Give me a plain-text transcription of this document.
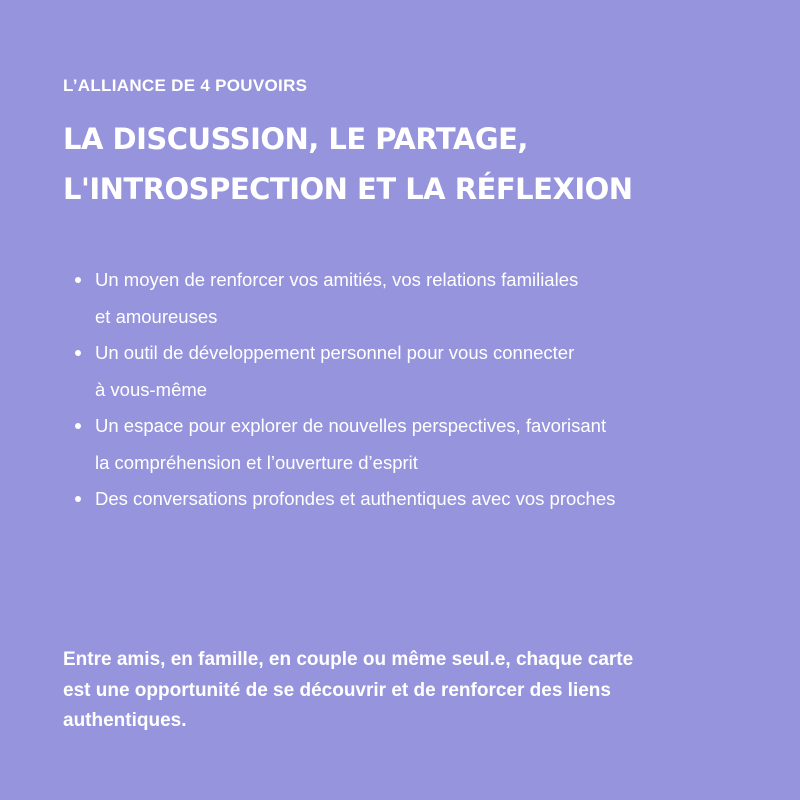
L’ALLIANCE DE 4 POUVOIRS
LA DISCUSSION, LE PARTAGE,
L'INTROSPECTION ET LA RÉFLEXION
Un moyen de renforcer vos amitiés, vos relations familiales
et amoureuses
Un outil de développement personnel pour vous connecter
à vous-même
Un espace pour explorer de nouvelles perspectives, favorisant
la compréhension et l’ouverture d’esprit
Des conversations profondes et authentiques avec vos proches

Entre amis, en famille, en couple ou même seul.e, chaque carte
est une opportunité de se découvrir et de renforcer des liens
authentiques.
